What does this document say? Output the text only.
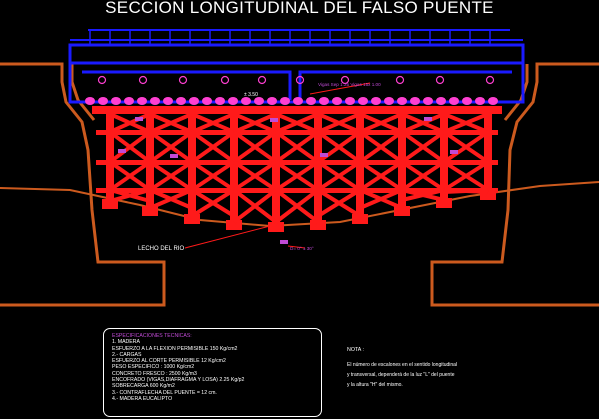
SECCION LONGITUDINAL DEL FALSO PUENTE
LECHO DEL RIO
± 3.50
Vigas Sep 1.25 Vigas 15x 1.00
D= 0° ± 30°
ESPECIFICACIONES TECNICAS:
1. MADERA
ESFUERZO A LA FLEXION PERMISIBLE 150 Kg/cm2
2.- CARGAS
ESFUERZO AL CORTE PERMISIBLE 12 Kg/cm2
PESO ESPECIFICO : 1000 Kg/cm2
CONCRETO FRESCO : 2500 Kg/m3
ENCOFRADO (VIGAS,DIAFRAGMA Y LOSA) 2.25 Kg/p2
SOBRECARGA 600 Kg/m2
3.- CONTRAFLECHA DEL PUENTE = 12 cm.
4.- MADERA EUCALIPTO
NOTA :
El número de escalones en el sentido longitudinal
y transversal, dependerá de la luz "L" del puente
y la altura "H" del mismo.
